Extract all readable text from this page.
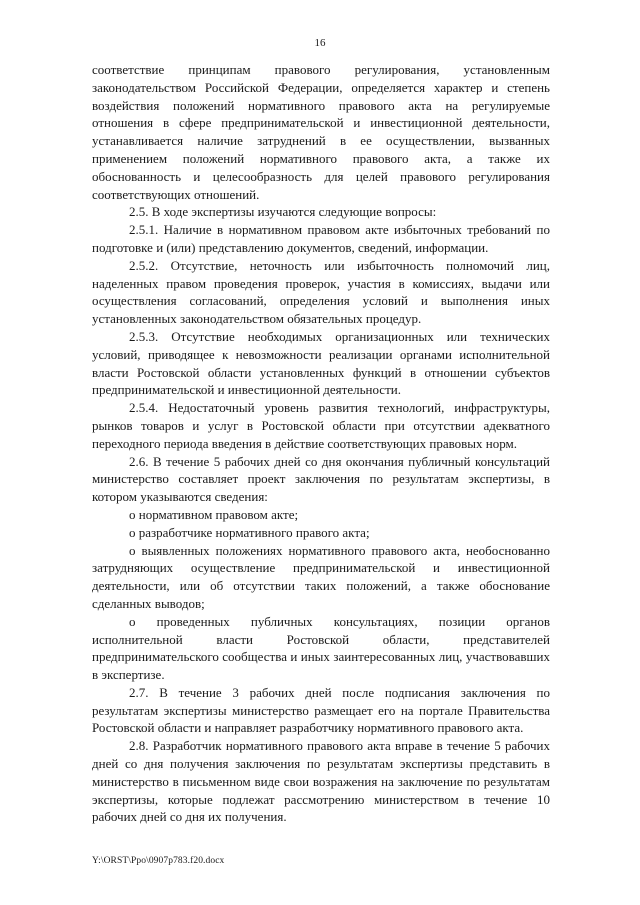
16

соответствие принципам правового регулирования, установленным законодательством Российской Федерации, определяется характер и степень воздействия положений нормативного правового акта на регулируемые отношения в сфере предпринимательской и инвестиционной деятельности, устанавливается наличие затруднений в ее осуществлении, вызванных применением положений нормативного правового акта, а также их обоснованность и целесообразность для целей правового регулирования соответствующих отношений.

2.5. В ходе экспертизы изучаются следующие вопросы:

2.5.1. Наличие в нормативном правовом акте избыточных требований по подготовке и (или) представлению документов, сведений, информации.

2.5.2. Отсутствие, неточность или избыточность полномочий лиц, наделенных правом проведения проверок, участия в комиссиях, выдачи или осуществления согласований, определения условий и выполнения иных установленных законодательством обязательных процедур.

2.5.3. Отсутствие необходимых организационных или технических условий, приводящее к невозможности реализации органами исполнительной власти Ростовской области установленных функций в отношении субъектов предпринимательской и инвестиционной деятельности.

2.5.4. Недостаточный уровень развития технологий, инфраструктуры, рынков товаров и услуг в Ростовской области при отсутствии адекватного переходного периода введения в действие соответствующих правовых норм.

2.6. В течение 5 рабочих дней со дня окончания публичный консультаций министерство составляет проект заключения по результатам экспертизы, в котором указываются сведения:

о нормативном правовом акте;

о разработчике нормативного правого акта;

о выявленных положениях нормативного правового акта, необоснованно затрудняющих осуществление предпринимательской и инвестиционной деятельности, или об отсутствии таких положений, а также обоснование сделанных выводов;

о проведенных публичных консультациях, позиции органов исполнительной власти Ростовской области, представителей предпринимательского сообщества и иных заинтересованных лиц, участвовавших в экспертизе.

2.7. В течение 3 рабочих дней после подписания заключения по результатам экспертизы министерство размещает его на портале Правительства Ростовской области и направляет разработчику нормативного правового акта.

2.8. Разработчик нормативного правового акта вправе в течение 5 рабочих дней со дня получения заключения по результатам экспертизы представить в министерство в письменном виде свои возражения на заключение по результатам экспертизы, которые подлежат рассмотрению министерством в течение 10 рабочих дней со дня их получения.

Y:\ORST\Ppo\0907p783.f20.docx
